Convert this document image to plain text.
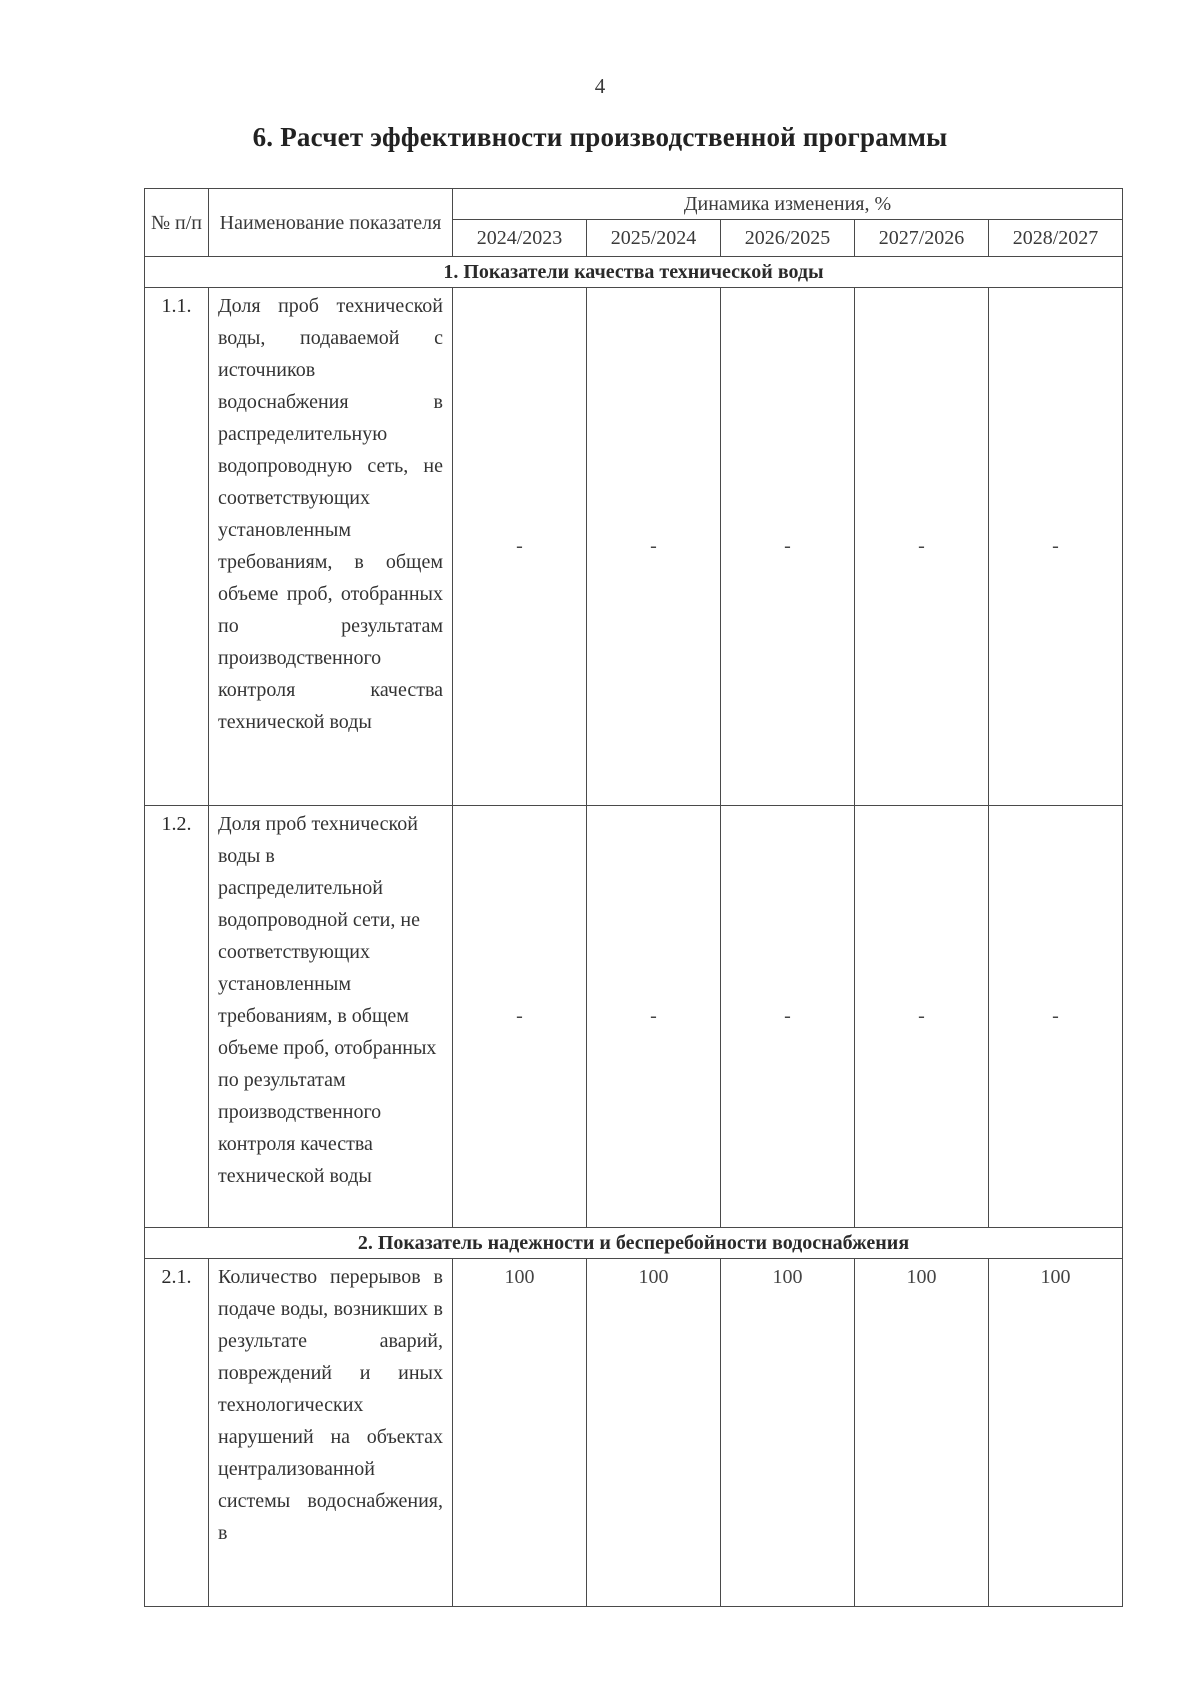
4
6. Расчет эффективности производственной программы
№ п/п	Наименование показателя	Динамика изменения, %				
		2024/2023	2025/2024	2026/2025	2027/2026	2028/2027
1. Показатели качества технической воды						
1.1.	Доля проб технической воды, подаваемой с источников водоснабжения в распределительную водопроводную сеть, не соответствующих установленным требованиям, в общем объеме проб, отобранных по результатам производственного контроля качества технической воды	-	-	-	-	-
1.2.	Доля проб технической воды в распределительной водопроводной сети, не соответствующих установленным требованиям, в общем объеме проб, отобранных по результатам производственного контроля качества технической воды	-	-	-	-	-
2. Показатель надежности и бесперебойности водоснабжения						
2.1.	Количество перерывов в подаче воды, возникших в результате аварий, повреждений и иных технологических нарушений на объектах централизованной системы водоснабжения, в	100	100	100	100	100
